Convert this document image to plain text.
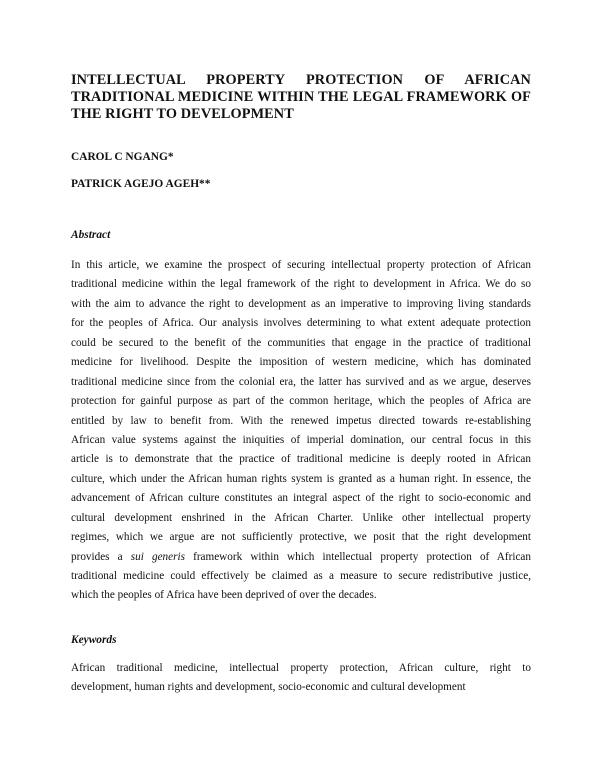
INTELLECTUAL PROPERTY PROTECTION OF AFRICAN TRADITIONAL MEDICINE WITHIN THE LEGAL FRAMEWORK OF THE RIGHT TO DEVELOPMENT
CAROL C NGANG*
PATRICK AGEJO AGEH**
Abstract
In this article, we examine the prospect of securing intellectual property protection of African
traditional medicine within the legal framework of the right to development in Africa. We do so
with the aim to advance the right to development as an imperative to improving living standards
for the peoples of Africa. Our analysis involves determining to what extent adequate protection
could be secured to the benefit of the communities that engage in the practice of traditional
medicine for livelihood. Despite the imposition of western medicine, which has dominated
traditional medicine since from the colonial era, the latter has survived and as we argue, deserves
protection for gainful purpose as part of the common heritage, which the peoples of Africa are
entitled by law to benefit from. With the renewed impetus directed towards re-establishing
African value systems against the iniquities of imperial domination, our central focus in this
article is to demonstrate that the practice of traditional medicine is deeply rooted in African
culture, which under the African human rights system is granted as a human right. In essence, the
advancement of African culture constitutes an integral aspect of the right to socio-economic and
cultural development enshrined in the African Charter. Unlike other intellectual property
regimes, which we argue are not sufficiently protective, we posit that the right development
provides a sui generis framework within which intellectual property protection of African
traditional medicine could effectively be claimed as a measure to secure redistributive justice,
which the peoples of Africa have been deprived of over the decades.
Keywords
African traditional medicine, intellectual property protection, African culture, right to
development, human rights and development, socio-economic and cultural development
